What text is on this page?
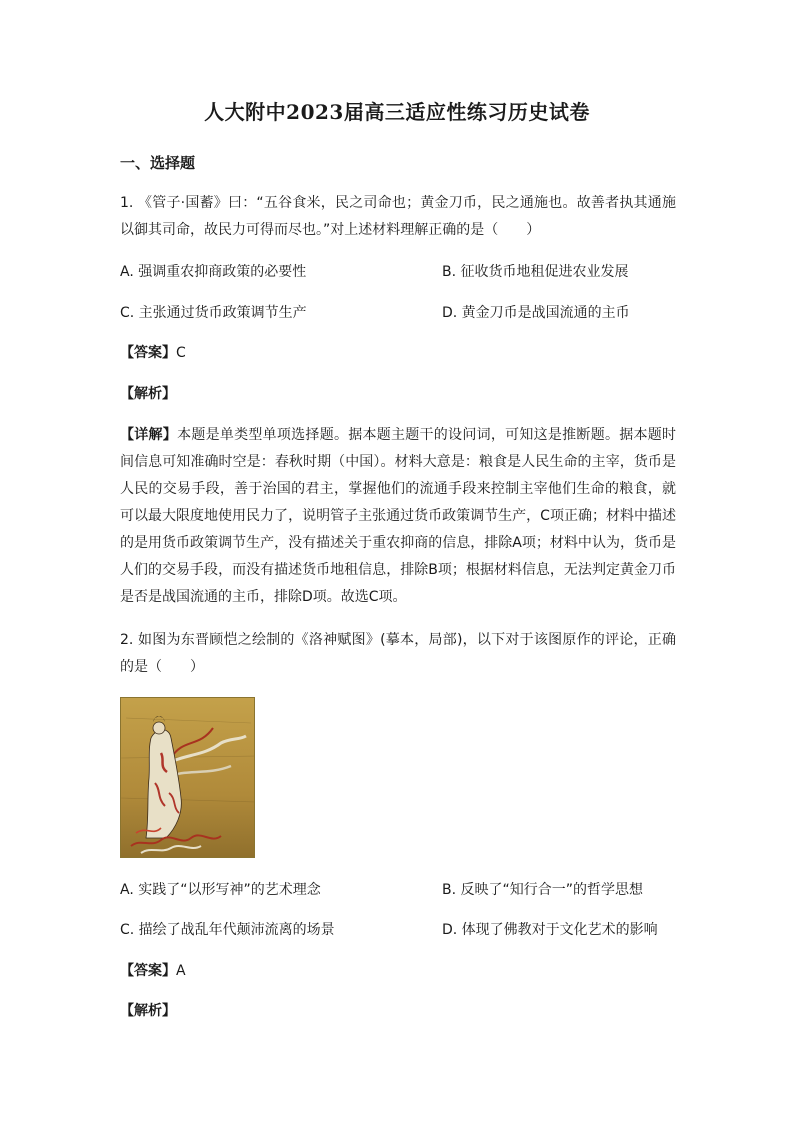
人大附中2023届高三适应性练习历史试卷
一、选择题

1. 《管子·国蓄》曰：“五谷食米，民之司命也；黄金刀币，民之通施也。故善者执其通施以御其司命，故民力可得而尽也。”对上述材料理解正确的是（　　）

A. 强调重农抑商政策的必要性	B. 征收货币地租促进农业发展

C. 主张通过货币政策调节生产	D. 黄金刀币是战国流通的主币

【答案】C

【解析】

【详解】本题是单类型单项选择题。据本题主题干的设问词，可知这是推断题。据本题时间信息可知准确时空是：春秋时期（中国）。材料大意是：粮食是人民生命的主宰，货币是人民的交易手段，善于治国的君主，掌握他们的流通手段来控制主宰他们生命的粮食，就可以最大限度地使用民力了，说明管子主张通过货币政策调节生产，C项正确；材料中描述的是用货币政策调节生产，没有描述关于重农抑商的信息，排除A项；材料中认为，货币是人们的交易手段，而没有描述货币地租信息，排除B项；根据材料信息，无法判定黄金刀币是否是战国流通的主币，排除D项。故选C项。

2. 如图为东晋顾恺之绘制的《洛神赋图》(摹本，局部)，以下对于该图原作的评论，正确的是（　　）

A. 实践了“以形写神”的艺术理念	B. 反映了“知行合一”的哲学思想

C. 描绘了战乱年代颠沛流离的场景	D. 体现了佛教对于文化艺术的影响

【答案】A

【解析】
